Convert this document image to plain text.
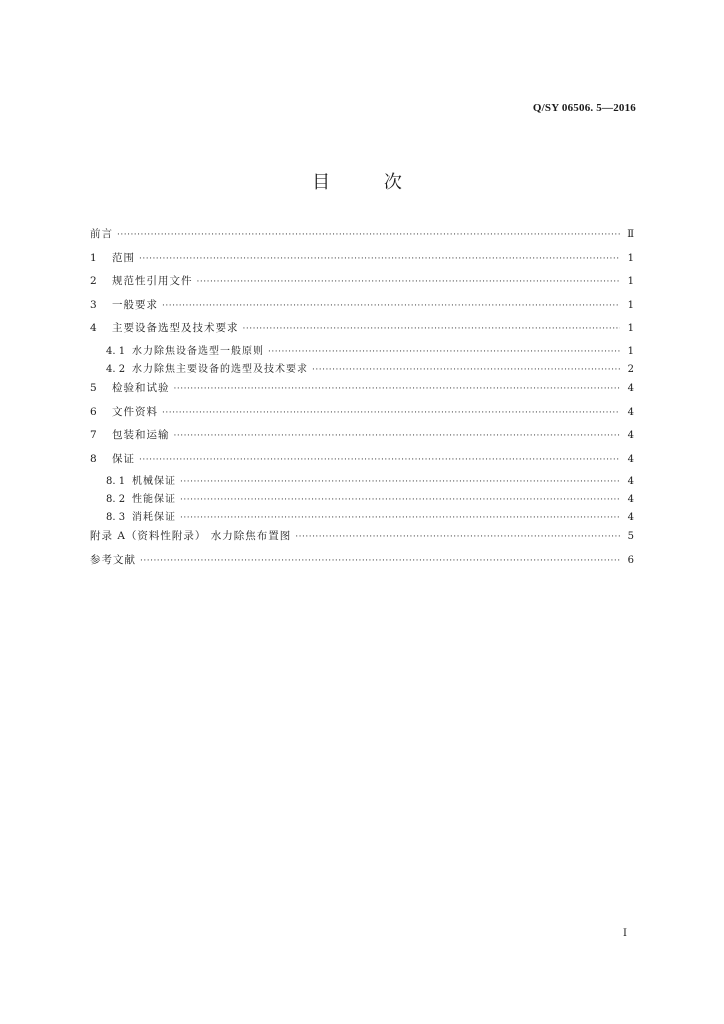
Q/SY 06506. 5—2016
目 次
前言 ·····	Ⅱ
1	范围 ·····	1
2	规范性引用文件 ·····	1
3	一般要求 ·····	1
4	主要设备选型及技术要求 ·····	1
4. 1 水力除焦设备选型一般原则 ·····	1
4. 2 水力除焦主要设备的选型及技术要求 ·····	2
5	检验和试验 ·····	4
6	文件资料 ·····	4
7	包装和运输 ·····	4
8	保证 ·····	4
8. 1 机械保证 ·····	4
8. 2 性能保证 ·····	4
8. 3 消耗保证 ·····	4
附录 A（资料性附录） 水力除焦布置图 ·····	5
参考文献 ·····	6
Ⅰ
